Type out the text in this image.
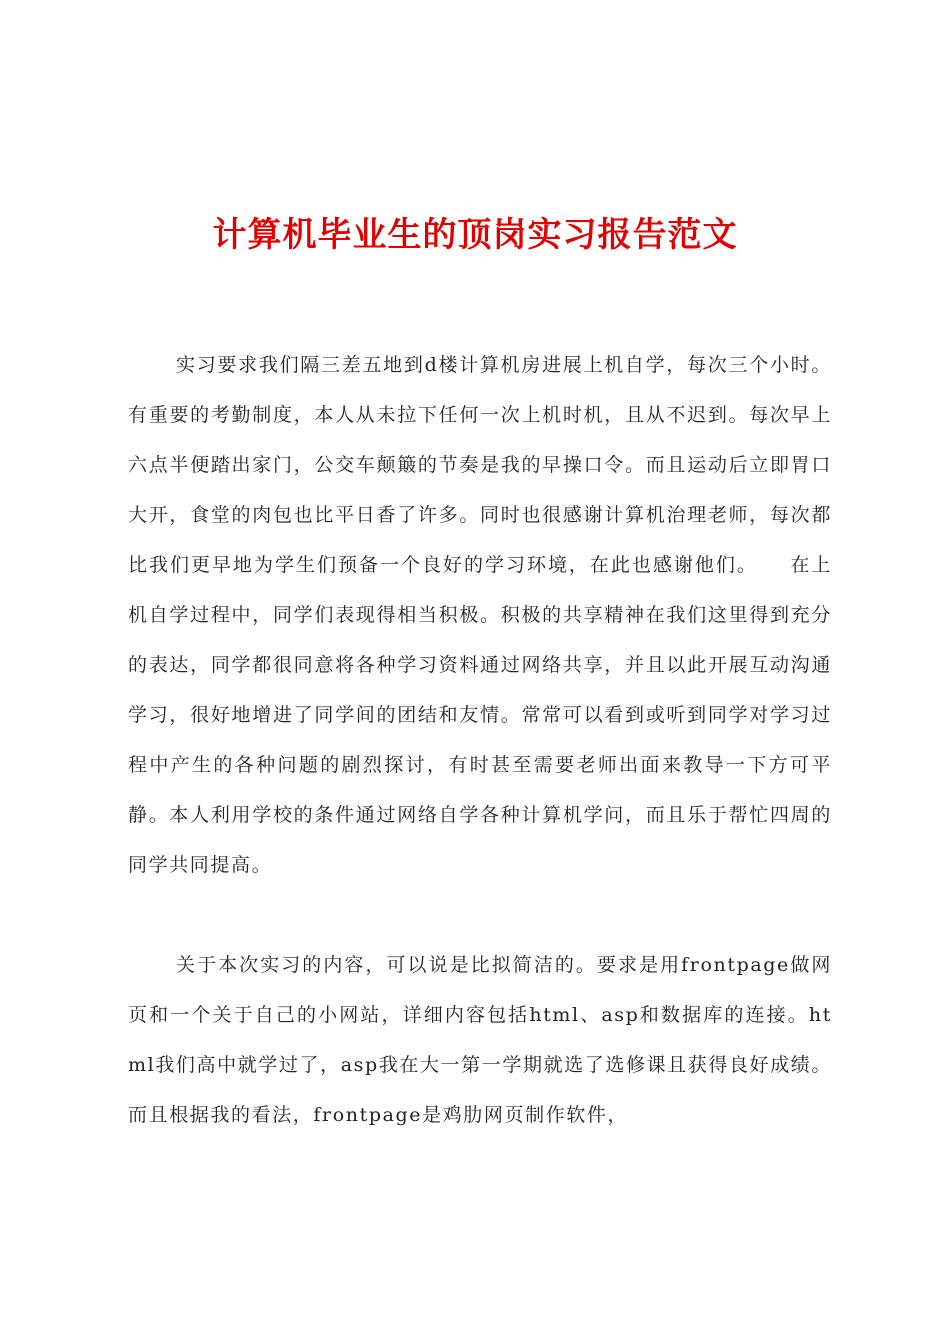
计算机毕业生的顶岗实习报告范文

实习要求我们隔三差五地到d楼计算机房进展上机自学，每次三个小时。有重要的考勤制度，本人从未拉下任何一次上机时机，且从不迟到。每次早上六点半便踏出家门，公交车颠簸的节奏是我的早操口令。而且运动后立即胃口大开，食堂的肉包也比平日香了许多。同时也很感谢计算机治理老师，每次都比我们更早地为学生们预备一个良好的学习环境，在此也感谢他们。　　在上机自学过程中，同学们表现得相当积极。积极的共享精神在我们这里得到充分的表达，同学都很同意将各种学习资料通过网络共享，并且以此开展互动沟通学习，很好地增进了同学间的团结和友情。常常可以看到或听到同学对学习过程中产生的各种问题的剧烈探讨，有时甚至需要老师出面来教导一下方可平静。本人利用学校的条件通过网络自学各种计算机学问，而且乐于帮忙四周的同学共同提高。

关于本次实习的内容，可以说是比拟简洁的。要求是用frontpage做网页和一个关于自己的小网站，详细内容包括html、asp和数据库的连接。html我们高中就学过了，asp我在大一第一学期就选了选修课且获得良好成绩。而且根据我的看法，frontpage是鸡肋网页制作软件，
